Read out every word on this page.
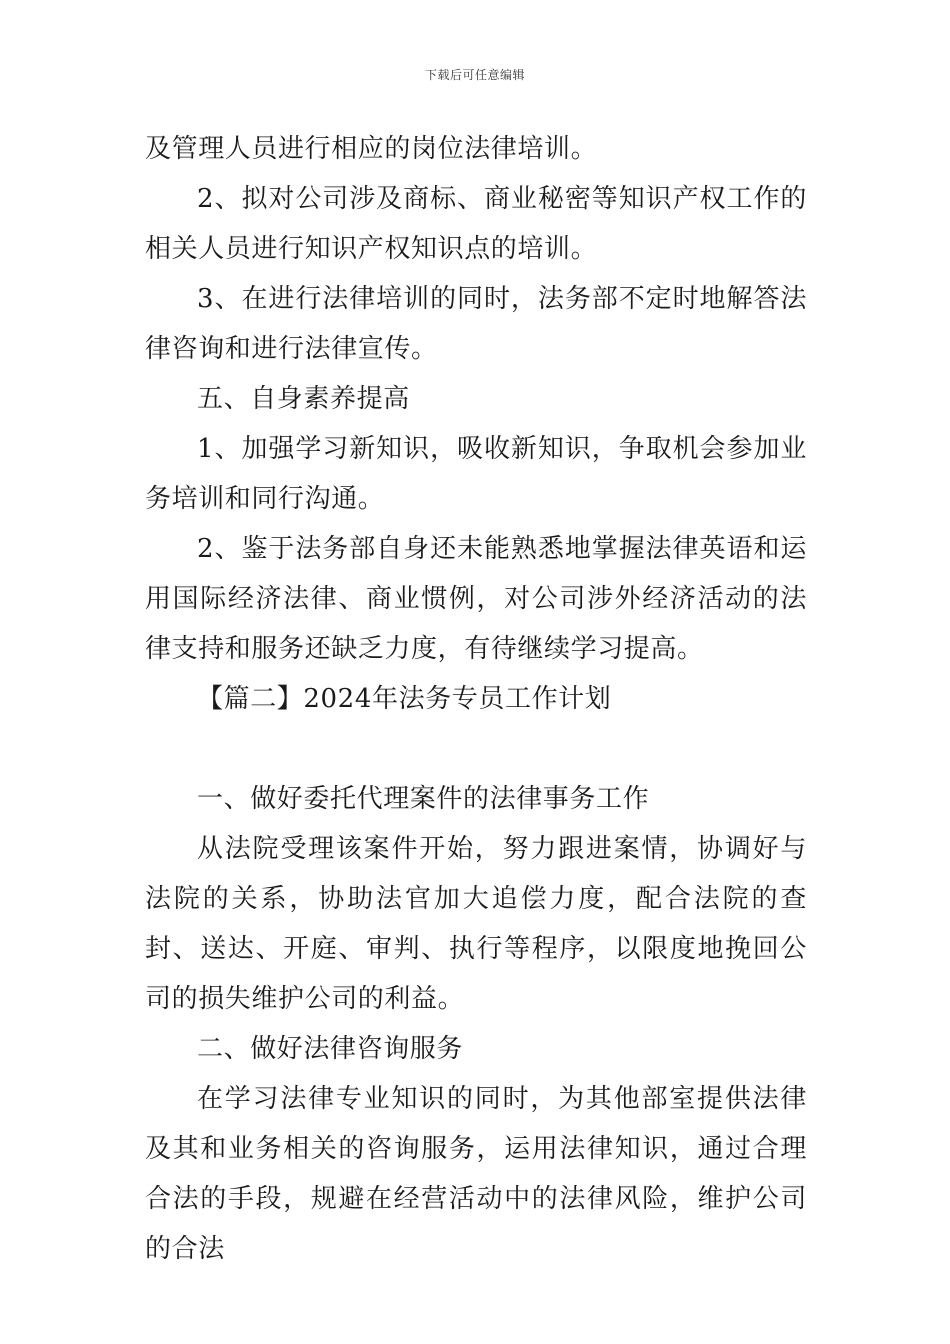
下载后可任意编辑

及管理人员进行相应的岗位法律培训。

2、拟对公司涉及商标、商业秘密等知识产权工作的相关人员进行知识产权知识点的培训。

3、在进行法律培训的同时，法务部不定时地解答法律咨询和进行法律宣传。

五、自身素养提高

1、加强学习新知识，吸收新知识，争取机会参加业务培训和同行沟通。

2、鉴于法务部自身还未能熟悉地掌握法律英语和运用国际经济法律、商业惯例，对公司涉外经济活动的法律支持和服务还缺乏力度，有待继续学习提高。

【篇二】2024年法务专员工作计划

一、做好委托代理案件的法律事务工作

从法院受理该案件开始，努力跟进案情，协调好与法院的关系，协助法官加大追偿力度，配合法院的查封、送达、开庭、审判、执行等程序，以限度地挽回公司的损失维护公司的利益。

二、做好法律咨询服务

在学习法律专业知识的同时，为其他部室提供法律及其和业务相关的咨询服务，运用法律知识，通过合理合法的手段，规避在经营活动中的法律风险，维护公司的合法
